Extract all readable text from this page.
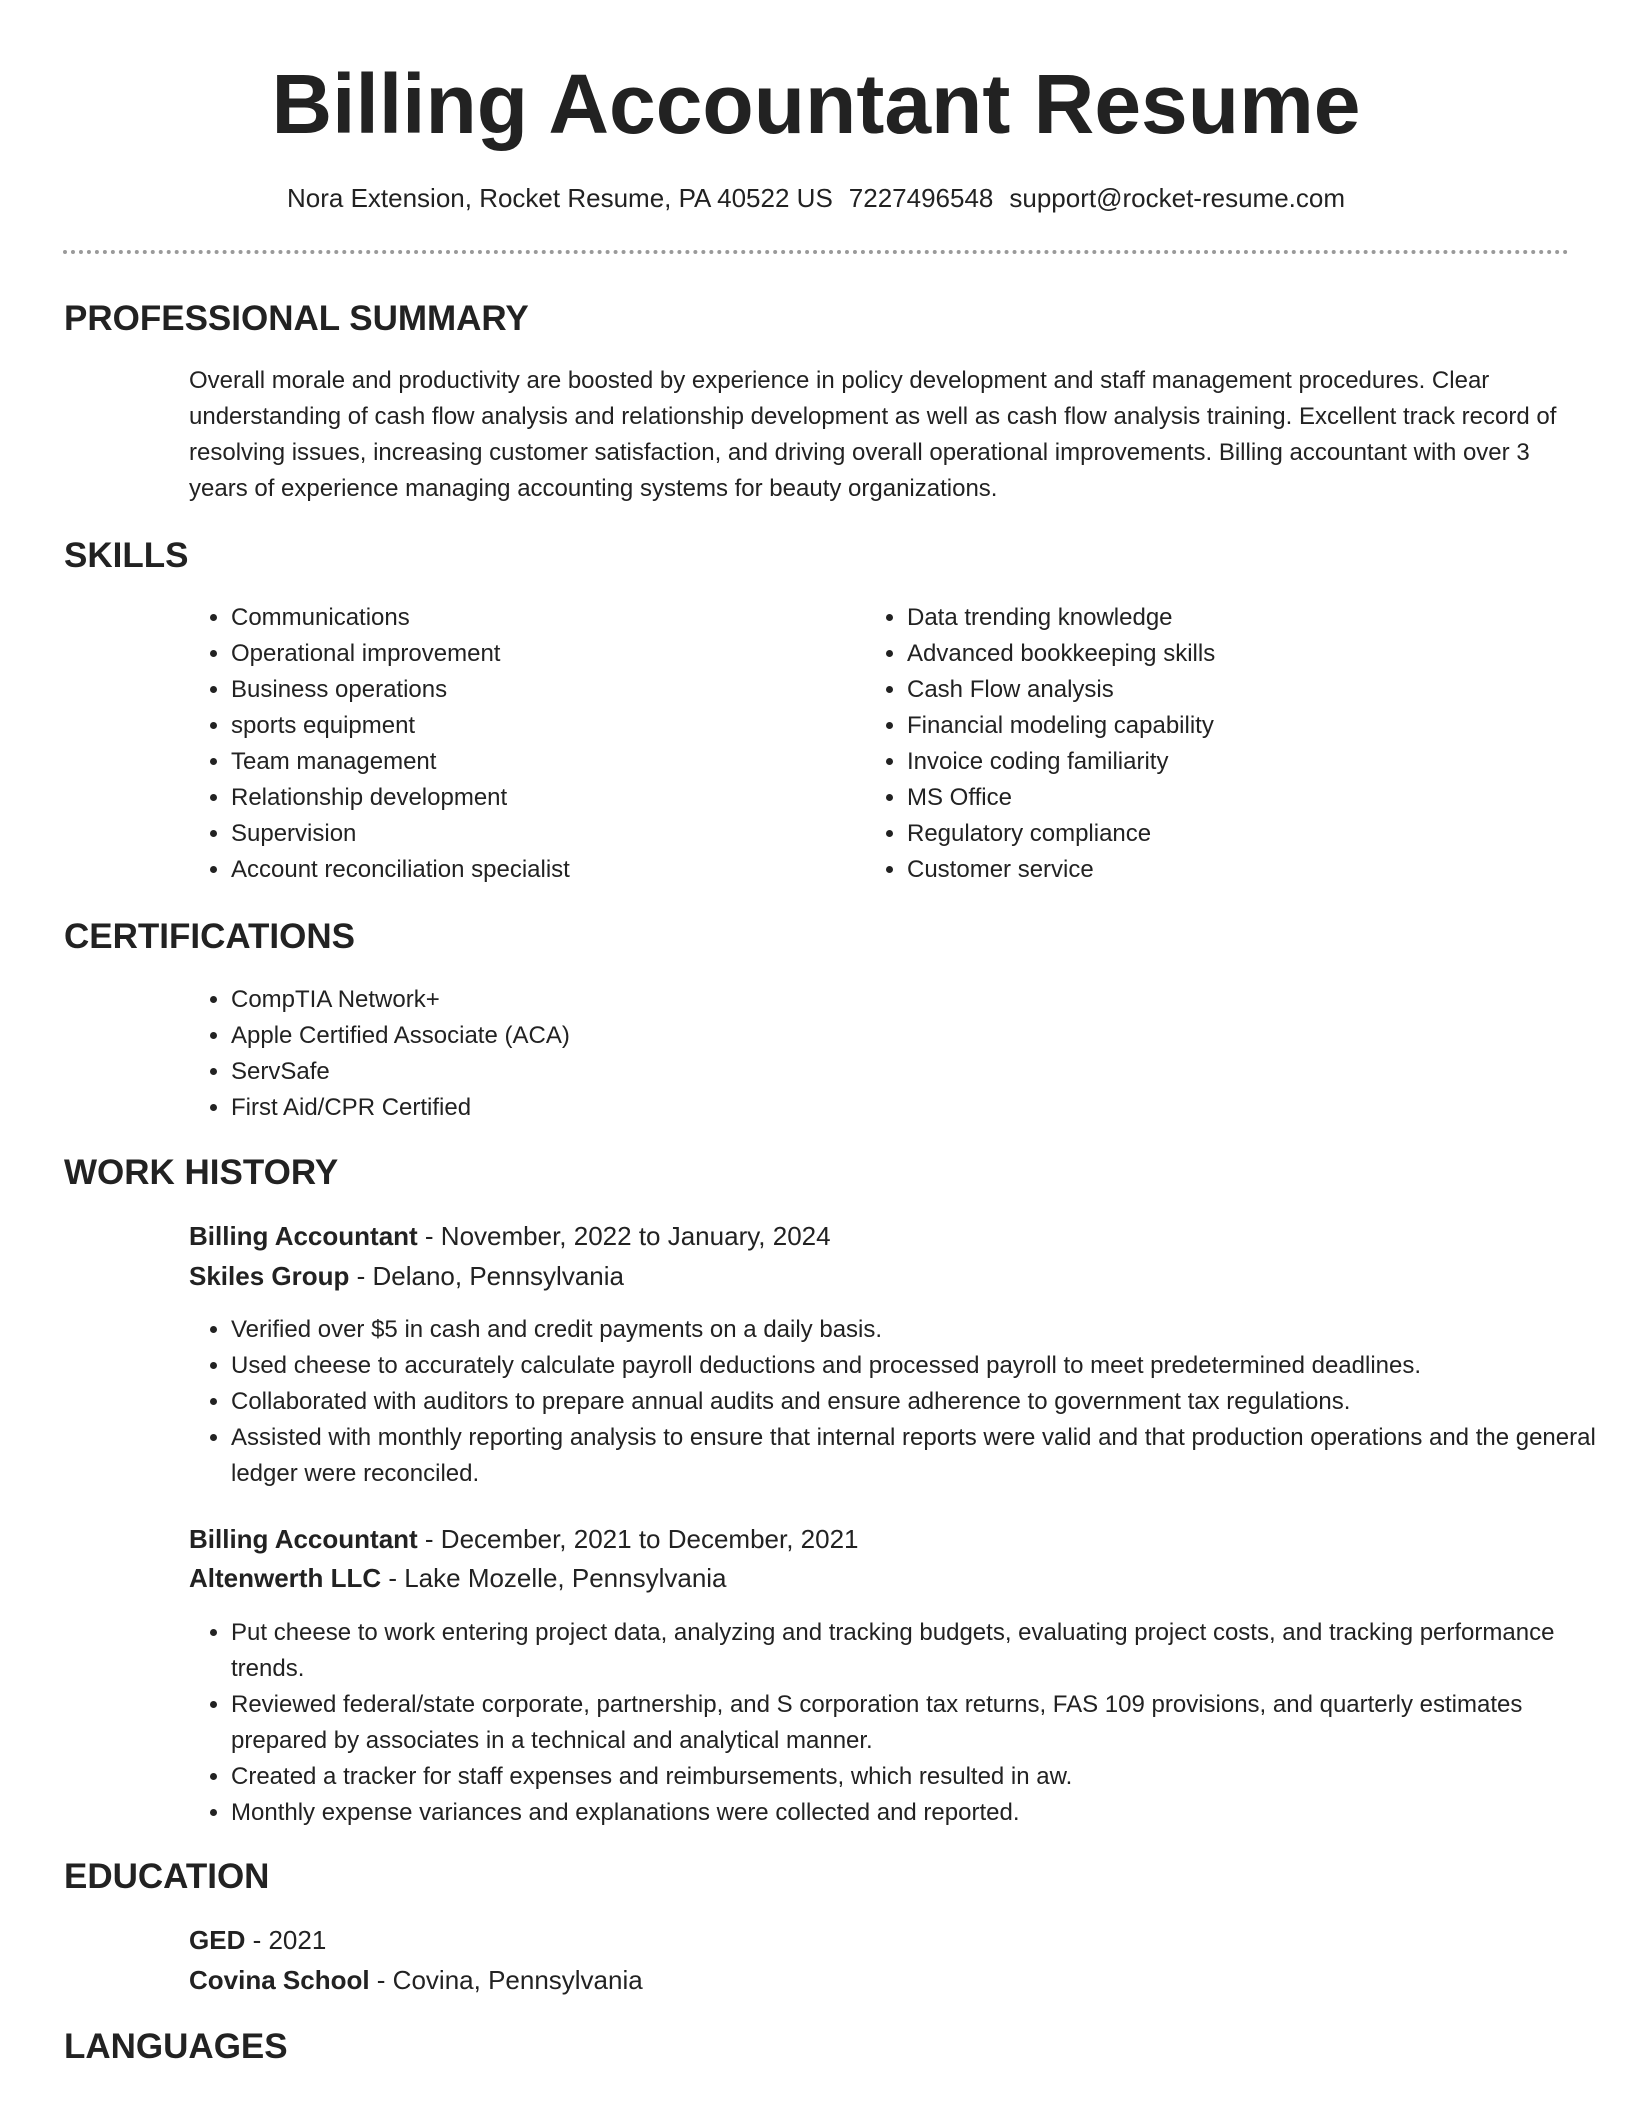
Billing Accountant Resume
Nora Extension, Rocket Resume, PA 40522 US 7227496548 support@rocket-resume.com
PROFESSIONAL SUMMARY

Overall morale and productivity are boosted by experience in policy development and staff management procedures. Clear understanding of cash flow analysis and relationship development as well as cash flow analysis training. Excellent track record of resolving issues, increasing customer satisfaction, and driving overall operational improvements. Billing accountant with over 3 years of experience managing accounting systems for beauty organizations.

SKILLS
• Communications
• Operational improvement
• Business operations
• sports equipment
• Team management
• Relationship development
• Supervision
• Account reconciliation specialist
• Data trending knowledge
• Advanced bookkeeping skills
• Cash Flow analysis
• Financial modeling capability
• Invoice coding familiarity
• MS Office
• Regulatory compliance
• Customer service
CERTIFICATIONS
• CompTIA Network+
• Apple Certified Associate (ACA)
• ServSafe
• First Aid/CPR Certified
WORK HISTORY
Billing Accountant - November, 2022 to January, 2024
Skiles Group - Delano, Pennsylvania
• Verified over $5 in cash and credit payments on a daily basis.
• Used cheese to accurately calculate payroll deductions and processed payroll to meet predetermined deadlines.
• Collaborated with auditors to prepare annual audits and ensure adherence to government tax regulations.
• Assisted with monthly reporting analysis to ensure that internal reports were valid and that production operations and the general ledger were reconciled.
Billing Accountant - December, 2021 to December, 2021
Altenwerth LLC - Lake Mozelle, Pennsylvania
• Put cheese to work entering project data, analyzing and tracking budgets, evaluating project costs, and tracking performance trends.
• Reviewed federal/state corporate, partnership, and S corporation tax returns, FAS 109 provisions, and quarterly estimates prepared by associates in a technical and analytical manner.
• Created a tracker for staff expenses and reimbursements, which resulted in aw.
• Monthly expense variances and explanations were collected and reported.
EDUCATION
GED - 2021
Covina School - Covina, Pennsylvania
LANGUAGES
